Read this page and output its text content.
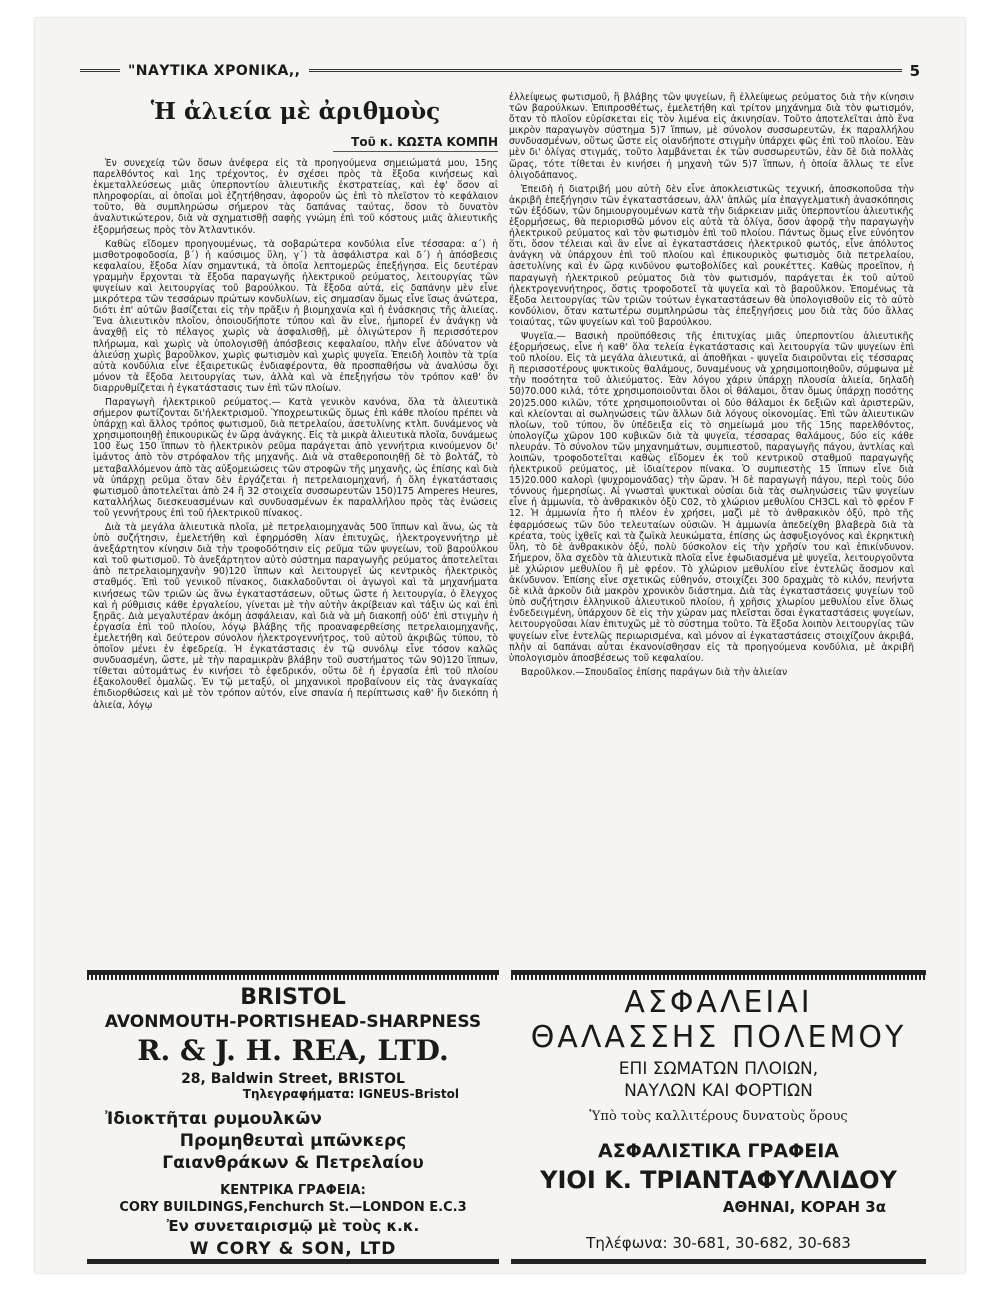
"ΝΑΥΤΙΚΑ ΧΡΟΝΙΚΑ,,	5
Ἡ ἁλιεία μὲ ἀριθμοὺς
Τοῦ κ. ΚΩΣΤΑ ΚΟΜΠΗ

Ἐν συνεχείᾳ τῶν ὅσων ἀνέφερα εἰς τὰ προηγούμενα σημειώματά μου, 15ης παρελθόντος καὶ 1ης τρέχοντος, ἐν σχέσει πρὸς τὰ ἔξοδα κινήσεως καὶ ἐκμεταλλεύσεως μιᾶς ὑπερποντίου ἁλιευτικῆς ἐκστρατείας, καὶ ἐφ' ὅσον αἱ πληροφορίαι, αἱ ὁποῖαι μοὶ ἐζητήθησαν, ἀφοροῦν ὡς ἐπὶ τὸ πλεῖστον τὸ κεφάλαιον τοῦτο, θὰ συμπληρώσω σήμερον τὰς δαπάνας ταύτας, ὅσον τὸ δυνατὸν ἀναλυτικώτερον, διὰ νὰ σχηματισθῇ σαφὴς γνώμη ἐπὶ τοῦ κόστους μιᾶς ἁλιευτικῆς ἐξορμήσεως πρὸς τὸν Ἀτλαντικόν.

Καθὼς εἴδομεν προηγουμένως, τὰ σοβαρώτερα κονδύλια εἶνε τέσσαρα: α΄) ἡ μισθοτροφοδοσία, β΄) ἡ καύσιμος ὕλη, γ΄) τὰ ἀσφάλιστρα καὶ δ΄) ἡ ἀπόσβεσις κεφαλαίου, ἔξοδα λίαν σημαντικά, τὰ ὁποῖα λεπτομερῶς ἐπεξήγησα. Εἰς δευτέραν γραμμὴν ἔρχονται τὰ ἔξοδα παραγωγῆς ἠλεκτρικοῦ ρεύματος, λειτουργίας τῶν ψυγείων καὶ λειτουργίας τοῦ βαρούλκου. Τὰ ἔξοδα αὐτά, εἰς δαπάνην μὲν εἶνε μικρότερα τῶν τεσσάρων πρώτων κονδυλίων, εἰς σημασίαν ὅμως εἶνε ἴσως ἀνώτερα, διότι ἐπ' αὐτῶν βασίζεται εἰς τὴν πρᾶξιν ἡ βιομηχανία καὶ ἡ ἐνάσκησις τῆς ἁλιείας. Ἕνα ἁλιευτικὸν πλοῖον, ὁποιουδήποτε τύπου καὶ ἂν εἶνε, ἠμπορεῖ ἐν ἀνάγκῃ νὰ ἀναχθῇ εἰς τὸ πέλαγος χωρὶς νὰ ἀσφαλισθῇ, μὲ ὀλιγώτερον ἢ περισσότερον πλήρωμα, καὶ χωρὶς νὰ ὑπολογισθῇ ἀπόσβεσις κεφαλαίου, πλὴν εἶνε ἀδύνατον νὰ ἁλιεύσῃ χωρὶς βαροῦλκον, χωρὶς φωτισμὸν καὶ χωρὶς ψυγεῖα. Ἐπειδὴ λοιπὸν τὰ τρία αὐτὰ κονδύλια εἶνε ἐξαιρετικῶς ἐνδιαφέροντα, θὰ προσπαθήσω νὰ ἀναλύσω ὄχι μόνον τὰ ἔξοδα λειτουργίας των, ἀλλὰ καὶ νὰ ἐπεξηγήσω τὸν τρόπον καθ' ὃν διαρρυθμίζεται ἡ ἐγκατάστασις των ἐπὶ τῶν πλοίων.

Παραγωγὴ ἠλεκτρικοῦ ρεύματος.— Κατὰ γενικὸν κανόνα, ὅλα τὰ ἁλιευτικὰ σήμερον φωτίζονται δι'ἠλεκτρισμοῦ. Ὑποχρεωτικῶς ὅμως ἐπὶ κάθε πλοίου πρέπει νὰ ὑπάρχῃ καὶ ἄλλος τρόπος φωτισμοῦ, διὰ πετρελαίου, ἀσετυλίνης κτλπ. δυνάμενος νὰ χρησιμοποιηθῇ ἐπικουρικῶς ἐν ὥρᾳ ἀνάγκης. Εἰς τὰ μικρὰ ἁλιευτικὰ πλοῖα, δυνάμεως 100 ἕως 150 ἵππων τὸ ἠλεκτρικὸν ρεῦμα παράγεται ἀπὸ γεννήτρια κινούμενον δι' ἱμάντος ἀπὸ τὸν στρόφαλον τῆς μηχανῆς. Διὰ νὰ σταθεροποιηθῇ δὲ τὸ βολτάζ, τὸ μεταβαλλόμενον ἀπὸ τὰς αὐξομειώσεις τῶν στροφῶν τῆς μηχανῆς, ὡς ἐπίσης καὶ διὰ νὰ ὑπάρχῃ ρεῦμα ὅταν δὲν ἐργάζεται ἡ πετρελαιομηχανή, ἡ ὅλη ἐγκατάστασις φωτισμοῦ ἀποτελεῖται ἀπὸ 24 ἢ 32 στοιχεῖα συσσωρευτῶν 150)175 Amperes Heures, καταλλήλως διεσκευασμένων καὶ συνδυασμένων ἐκ παραλλήλου πρὸς τὰς ἑνώσεις τοῦ γεννήτρους ἐπὶ τοῦ ἠλεκτρικοῦ πίνακος.

Διὰ τὰ μεγάλα ἁλιευτικὰ πλοῖα, μὲ πετρελαιομηχανὰς 500 ἵππων καὶ ἄνω, ὡς τὰ ὑπὸ συζήτησιν, ἐμελετήθη καὶ ἐφηρμόσθη λίαν ἐπιτυχῶς, ἠλεκτρογεννήτηρ μὲ ἀνεξάρτητον κίνησιν διὰ τὴν τροφοδότησιν εἰς ρεῦμα τῶν ψυγείων, τοῦ βαρούλκου καὶ τοῦ φωτισμοῦ. Τὸ ἀνεξάρτητον αὐτὸ σύστημα παραγωγῆς ρεύματος ἀποτελεῖται ἀπὸ πετρελαιομηχανὴν 90)120 ἵππων καὶ λειτουργεῖ ὡς κεντρικὸς ἠλεκτρικὸς σταθμός. Ἐπὶ τοῦ γενικοῦ πίνακος, διακλαδοῦνται οἱ ἀγωγοὶ καὶ τὰ μηχανήματα κινήσεως τῶν τριῶν ὡς ἄνω ἐγκαταστάσεων, οὕτως ὥστε ἡ λειτουργία, ὁ ἔλεγχος καὶ ἡ ρύθμισις κάθε ἐργαλείου, γίνεται μὲ τὴν αὐτὴν ἀκρίβειαν καὶ τάξιν ὡς καὶ ἐπὶ ξηρᾶς. Διὰ μεγαλυτέραν ἀκόμη ἀσφάλειαν, καὶ διὰ νὰ μὴ διακοπῇ οὐδ' ἐπὶ στιγμὴν ἡ ἐργασία ἐπὶ τοῦ πλοίου, λόγῳ βλάβης τῆς προαναφερθείσης πετρελαιομηχανῆς, ἐμελετήθη καὶ δεύτερον σύνολον ἠλεκτρογεννήτρος, τοῦ αὐτοῦ ἀκριβῶς τύπου, τὸ ὁποῖον μένει ἐν ἐφεδρείᾳ. Ἡ ἐγκατάστασις ἐν τῷ συνόλῳ εἶνε τόσον καλῶς συνδυασμένη, ὥστε, μὲ τὴν παραμικρὰν βλάβην τοῦ συστήματος τῶν 90)120 ἵππων, τίθεται αὐτομάτως ἐν κινήσει τὸ ἐφεδρικόν, οὕτω δὲ ἡ ἐργασία ἐπὶ τοῦ πλοίου ἐξακολουθεῖ ὁμαλῶς. Ἐν τῷ μεταξύ, οἱ μηχανικοὶ προβαίνουν εἰς τὰς ἀναγκαίας ἐπιδιορθώσεις καὶ μὲ τὸν τρόπον αὐτόν, εἶνε σπανία ἡ περίπτωσις καθ' ἣν διεκόπη ἡ ἁλιεία, λόγῳ

ἐλλείψεως φωτισμοῦ, ἢ βλάβης τῶν ψυγείων, ἢ ἐλλείψεως ρεύματος διὰ τὴν κίνησιν τῶν βαρούλκων. Ἐπιπροσθέτως, ἐμελετήθη καὶ τρίτον μηχάνημα διὰ τὸν φωτισμόν, ὅταν τὸ πλοῖον εὑρίσκεται εἰς τὸν λιμένα εἰς ἀκινησίαν. Τοῦτο ἀποτελεῖται ἀπὸ ἕνα μικρὸν παραγωγὸν σύστημα 5)7 ἵππων, μὲ σύνολον συσσωρευτῶν, ἐκ παραλλήλου συνδυασμένων, οὕτως ὥστε εἰς οἱανδήποτε στιγμὴν ὑπάρχει φῶς ἐπὶ τοῦ πλοίου. Ἐὰν μὲν δι' ὀλίγας στιγμάς, τοῦτο λαμβάνεται ἐκ τῶν συσσωρευτῶν, ἐὰν δὲ διὰ πολλὰς ὥρας, τότε τίθεται ἐν κινήσει ἡ μηχανὴ τῶν 5)7 ἵππων, ἡ ὁποία ἄλλως τε εἶνε ὀλιγοδάπανος.

Ἐπειδὴ ἡ διατριβή μου αὐτὴ δὲν εἶνε ἀποκλειστικῶς τεχνική, ἀποσκοποῦσα τὴν ἀκριβῆ ἐπεξήγησιν τῶν ἐγκαταστάσεων, ἀλλ' ἁπλῶς μία ἐπαγγελματικὴ ἀνασκόπησις τῶν ἐξόδων, τῶν δημιουργουμένων κατὰ τὴν διάρκειαν μιᾶς ὑπερποντίου ἁλιευτικῆς ἐξορμήσεως, θὰ περιορισθῶ μόνον εἰς αὐτὰ τὰ ὀλίγα, ὅσον ἀφορᾷ τὴν παραγωγὴν ἠλεκτρικοῦ ρεύματος καὶ τὸν φωτισμὸν ἐπὶ τοῦ πλοίου. Πάντως ὅμως εἶνε εὐνόητον ὅτι, ὅσον τέλειαι καὶ ἂν εἶνε αἱ ἐγκαταστάσεις ἠλεκτρικοῦ φωτός, εἶνε ἀπόλυτος ἀνάγκη νὰ ὑπάρχουν ἐπὶ τοῦ πλοίου καὶ ἐπικουρικὸς φωτισμὸς διὰ πετρελαίου, ἀσετυλίνης καὶ ἐν ὥρᾳ κινδύνου φωτοβολίδες καὶ ρουκέττες. Καθὼς προεῖπον, ἡ παραγωγὴ ἠλεκτρικοῦ ρεύματος διὰ τὸν φωτισμόν, παράγεται ἐκ τοῦ αὐτοῦ ἠλεκτρογεννήτηρος, ὅστις τροφοδοτεῖ τὰ ψυγεῖα καὶ τὸ βαροῦλκον. Ἑπομένως τὰ ἔξοδα λειτουργίας τῶν τριῶν τούτων ἐγκαταστάσεων θὰ ὑπολογισθοῦν εἰς τὸ αὐτὸ κονδύλιον, ὅταν κατωτέρω συμπληρώσω τὰς ἐπεξηγήσεις μου διὰ τὰς δύο ἄλλας τοιαύτας, τῶν ψυγείων καὶ τοῦ βαρούλκου.

Ψυγεῖα.— Βασικὴ προϋπόθεσις τῆς ἐπιτυχίας μιᾶς ὑπερποντίου ἁλιευτικῆς ἐξορμήσεως, εἶνε ἡ καθ' ὅλα τελεία ἐγκατάστασις καὶ λειτουργία τῶν ψυγείων ἐπὶ τοῦ πλοίου. Εἰς τὰ μεγάλα ἁλιευτικά, αἱ ἀποθῆκαι - ψυγεῖα διαιροῦνται εἰς τέσσαρας ἢ περισσοτέρους ψυκτικοὺς θαλάμους, δυναμένους νὰ χρησιμοποιηθοῦν, σύμφωνα μὲ τὴν ποσότητα τοῦ ἁλιεύματος. Ἐὰν λόγου χάριν ὑπάρχῃ πλουσία ἁλιεία, δηλαδὴ 50)70.000 κιλά, τότε χρησιμοποιοῦνται ὅλοι οἱ θάλαμοι, ὅταν ὅμως ὑπάρχῃ ποσότης 20)25.000 κιλῶν, τότε χρησιμοποιοῦνται οἱ δύο θάλαμοι ἐκ δεξιῶν καὶ ἀριστερῶν, καὶ κλείονται αἱ σωληνώσεις τῶν ἄλλων διὰ λόγους οἰκονομίας. Ἐπὶ τῶν ἁλιευτικῶν πλοίων, τοῦ τύπου, ὃν ὑπέδειξα εἰς τὸ σημείωμά μου τῆς 15ης παρελθόντος, ὑπολογίζω χῶρον 100 κυβικῶν διὰ τὰ ψυγεῖα, τέσσαρας θαλάμους, δύο εἰς κάθε πλευράν. Τὸ σύνολον τῶν μηχανημάτων, συμπιεστοῦ, παραγωγῆς πάγου, ἀντλίας καὶ λοιπῶν, τροφοδοτεῖται καθὼς εἴδομεν ἐκ τοῦ κεντρικοῦ σταθμοῦ παραγωγῆς ἠλεκτρικοῦ ρεύματος, μὲ ἰδιαίτερον πίνακα. Ὁ συμπιεστὴς 15 ἵππων εἶνε διὰ 15)20.000 καλορὶ (ψυχρομονάδας) τὴν ὥραν. Ἡ δὲ παραγωγὴ πάγου, περὶ τοὺς δύο τόννους ἡμερησίως. Αἱ γνωσταὶ ψυκτικαὶ οὐσίαι διὰ τὰς σωληνώσεις τῶν ψυγείων εἶνε ἡ ἀμμωνία, τὸ ἀνθρακικὸν ὀξὺ C02, τὸ χλώριον μεθυλίου CH3CL καὶ τὸ φρέον F 12. Ἡ ἀμμωνία ἦτο ἡ πλέον ἐν χρήσει, μαζὶ μὲ τὸ ἀνθρακικὸν ὀξύ, πρὸ τῆς ἐφαρμόσεως τῶν δύο τελευταίων οὐσιῶν. Ἡ ἀμμωνία ἀπεδείχθη βλαβερὰ διὰ τὰ κρέατα, τοὺς ἰχθεῖς καὶ τὰ ζωϊκὰ λευκώματα, ἐπίσης ὡς ἀσφυξιογόνος καὶ ἐκρηκτικὴ ὕλη, τὸ δὲ ἀνθρακικὸν ὀξύ, πολὺ δύσκολον εἰς τὴν χρῆσίν του καὶ ἐπικίνδυνον. Σήμερον, ὅλα σχεδὸν τὰ ἁλιευτικὰ πλοῖα εἶνε ἐφωδιασμένα μὲ ψυγεῖα, λειτουργοῦντα μὲ χλώριον μεθυλίου ἢ μὲ φρέον. Τὸ χλώριον μεθυλίου εἶνε ἐντελῶς ἄοσμον καὶ ἀκίνδυνον. Ἐπίσης εἶνε σχετικῶς εὐθηνόν, στοιχίζει 300 δραχμὰς τὸ κιλόν, πενήντα δὲ κιλὰ ἀρκοῦν διὰ μακρὸν χρονικὸν διάστημα. Διὰ τὰς ἐγκαταστάσεις ψυγείων τοῦ ὑπὸ συζήτησιν ἑλληνικοῦ ἁλιευτικοῦ πλοίου, ἡ χρῆσις χλωρίου μεθυλίου εἶνε ὅλως ἐνδεδειγμένη, ὑπάρχουν δὲ εἰς τὴν χώραν μας πλεῖσται ὅσαι ἐγκαταστάσεις ψυγείων, λειτουργοῦσαι λίαν ἐπιτυχῶς μὲ τὸ σύστημα τοῦτο. Τὰ ἔξοδα λοιπὸν λειτουργίας τῶν ψυγείων εἶνε ἐντελῶς περιωρισμένα, καὶ μόνον αἱ ἐγκαταστάσεις στοιχίζουν ἀκριβά, πλὴν αἱ δαπάναι αὗται ἐκανονίσθησαν εἰς τὰ προηγούμενα κονδύλια, μὲ ἀκριβῆ ὑπολογισμὸν ἀποσβέσεως τοῦ κεφαλαίου.

Βαροῦλκον.—Σπουδαῖος ἐπίσης παράγων διὰ τὴν ἁλιείαν

BRISTOL
AVONMOUTH-PORTISHEAD-SHARPNESS
R. & J. H. REA, LTD.
28, Baldwin Street, BRISTOL
Τηλεγραφήματα: IGNEUS-Bristol
Ἰδιοκτῆται ρυμουλκῶν
Προμηθευταὶ μπῶνκερς
Γαιανθράκων & Πετρελαίου
ΚΕΝΤΡΙΚΑ ΓΡΑΦΕΙΑ:
CORY BUILDINGS,Fenchurch St.—LONDON E.C.3
Ἐν συνεταιρισμῷ μὲ τοὺς κ.κ.
W CORY & SON, LTD
ΑΣΦΑΛΕΙΑΙ
ΘΑΛΑΣΣΗΣ ΠΟΛΕΜΟΥ
ΕΠΙ ΣΩΜΑΤΩΝ ΠΛΟΙΩΝ,
ΝΑΥΛΩΝ ΚΑΙ ΦΟΡΤΙΩΝ
Ὑπὸ τοὺς καλλιτέρους δυνατοὺς ὅρους
ΑΣΦΑΛΙΣΤΙΚΑ ΓΡΑΦΕΙΑ
ΥΙΟΙ Κ. ΤΡΙΑΝΤΑΦΥΛΛΙΔΟΥ
ΑΘΗΝΑΙ, ΚΟΡΑΗ 3α
Τηλέφωνα: 30-681, 30-682, 30-683
